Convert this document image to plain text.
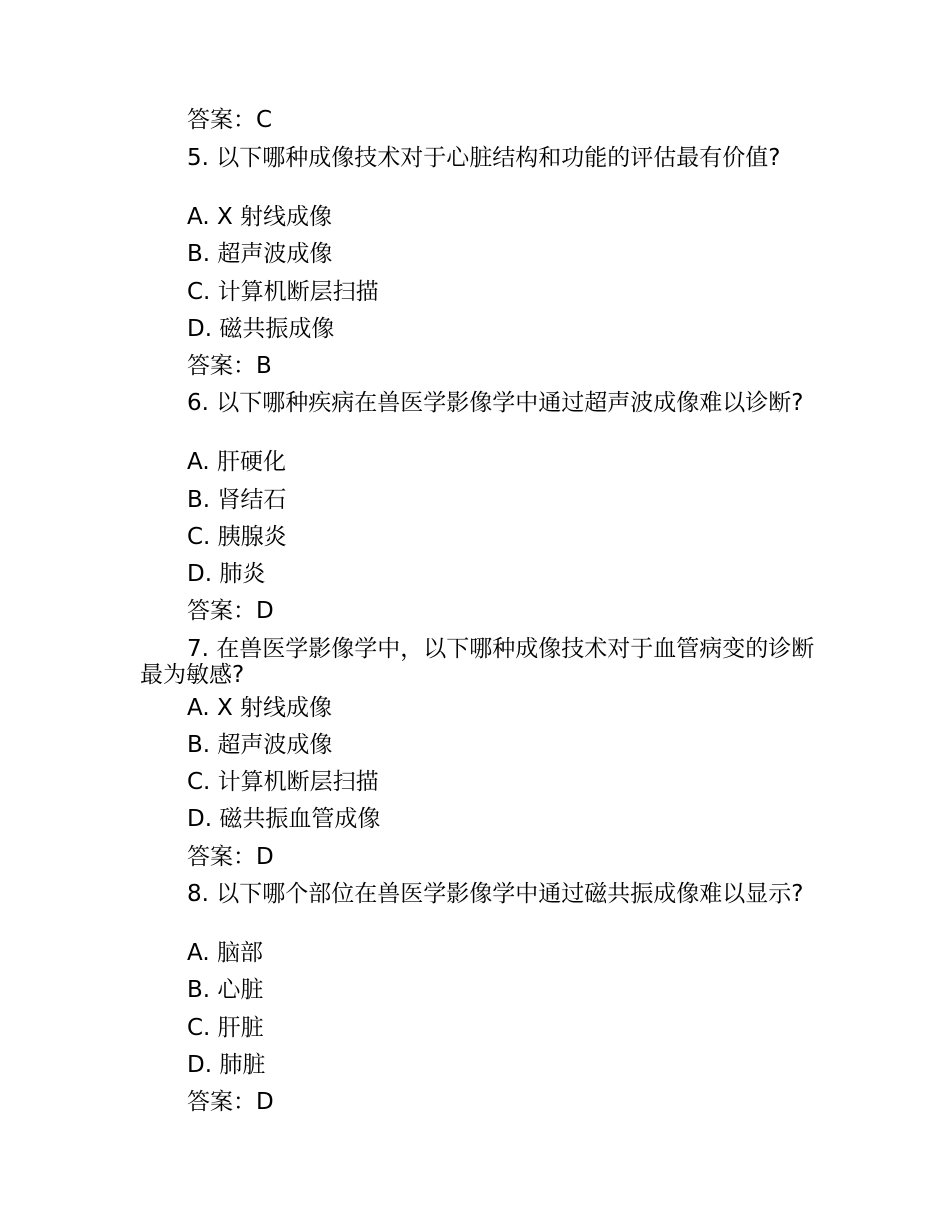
答案：C
5. 以下哪种成像技术对于心脏结构和功能的评估最有价值?
A. X 射线成像
B. 超声波成像
C. 计算机断层扫描
D. 磁共振成像
答案：B
6. 以下哪种疾病在兽医学影像学中通过超声波成像难以诊断?
A. 肝硬化
B. 肾结石
C. 胰腺炎
D. 肺炎
答案：D
7. 在兽医学影像学中，以下哪种成像技术对于血管病变的诊断最为敏感?
A. X 射线成像
B. 超声波成像
C. 计算机断层扫描
D. 磁共振血管成像
答案：D
8. 以下哪个部位在兽医学影像学中通过磁共振成像难以显示?
A. 脑部
B. 心脏
C. 肝脏
D. 肺脏
答案：D
